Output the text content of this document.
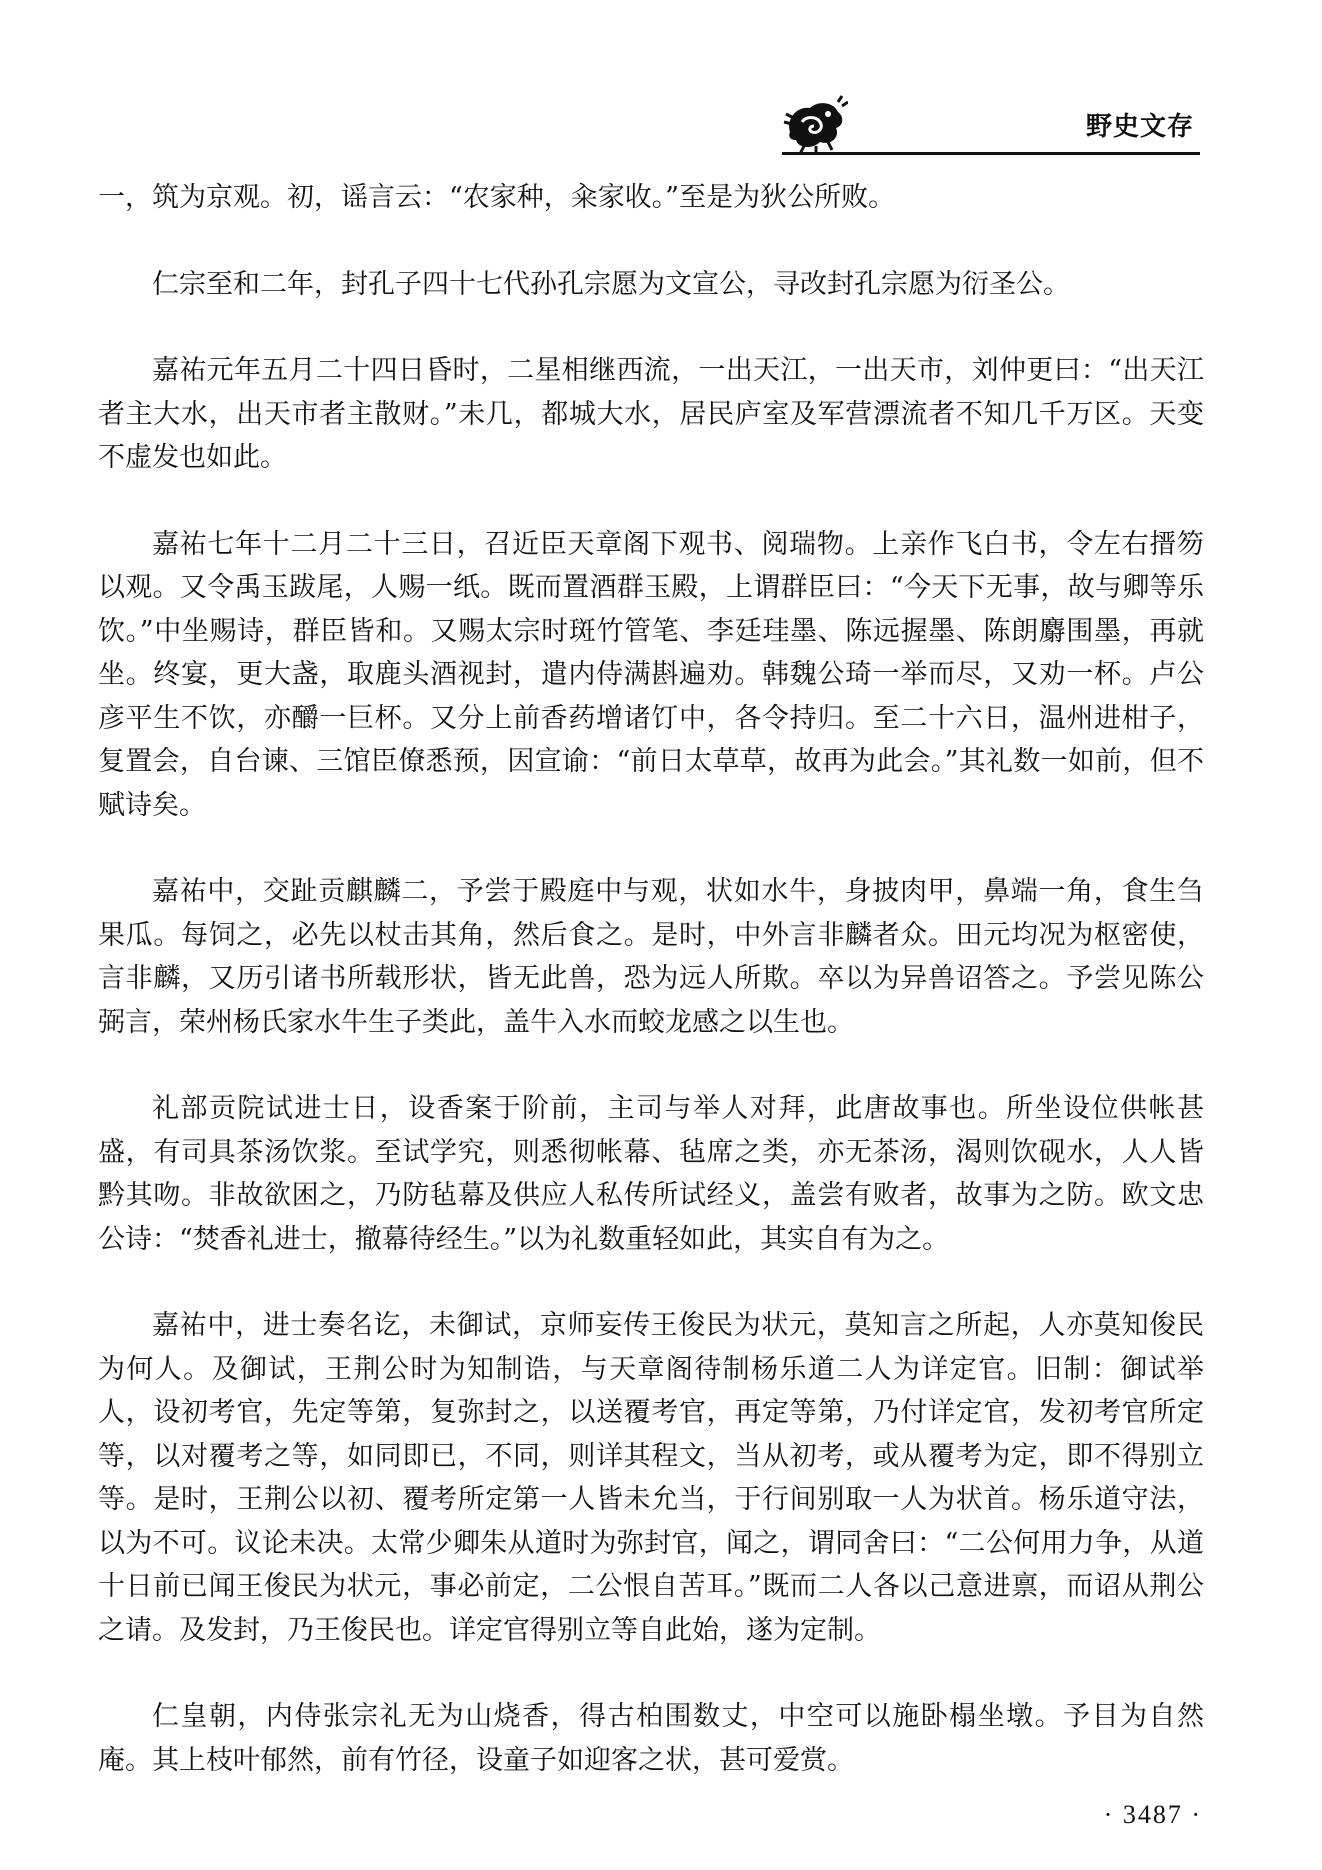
野史文存

一，筑为京观。初，谣言云：“农家种，籴家收。”至是为狄公所败。

仁宗至和二年，封孔子四十七代孙孔宗愿为文宣公，寻改封孔宗愿为衍圣公。

嘉祐元年五月二十四日昏时，二星相继西流，一出天江，一出天市，刘仲更曰：“出天江者主大水，出天市者主散财。”未几，都城大水，居民庐室及军营漂流者不知几千万区。天变不虚发也如此。

嘉祐七年十二月二十三日，召近臣天章阁下观书、阅瑞物。上亲作飞白书，令左右搢笏以观。又令禹玉跋尾，人赐一纸。既而置酒群玉殿，上谓群臣曰：“今天下无事，故与卿等乐饮。”中坐赐诗，群臣皆和。又赐太宗时斑竹管笔、李廷珪墨、陈远握墨、陈朗麝围墨，再就坐。终宴，更大盏，取鹿头酒视封，遣内侍满斟遍劝。韩魏公琦一举而尽，又劝一杯。卢公彦平生不饮，亦釂一巨杯。又分上前香药增诸饤中，各令持归。至二十六日，温州进柑子，复置会，自台谏、三馆臣僚悉预，因宣谕：“前日太草草，故再为此会。”其礼数一如前，但不赋诗矣。

嘉祐中，交趾贡麒麟二，予尝于殿庭中与观，状如水牛，身披肉甲，鼻端一角，食生刍果瓜。每饲之，必先以杖击其角，然后食之。是时，中外言非麟者众。田元均况为枢密使，言非麟，又历引诸书所载形状，皆无此兽，恐为远人所欺。卒以为异兽诏答之。予尝见陈公弼言，荣州杨氏家水牛生子类此，盖牛入水而蛟龙感之以生也。

礼部贡院试进士日，设香案于阶前，主司与举人对拜，此唐故事也。所坐设位供帐甚盛，有司具茶汤饮浆。至试学究，则悉彻帐幕、毡席之类，亦无茶汤，渴则饮砚水，人人皆黔其吻。非故欲困之，乃防毡幕及供应人私传所试经义，盖尝有败者，故事为之防。欧文忠公诗：“焚香礼进士，撤幕待经生。”以为礼数重轻如此，其实自有为之。

嘉祐中，进士奏名讫，未御试，京师妄传王俊民为状元，莫知言之所起，人亦莫知俊民为何人。及御试，王荆公时为知制诰，与天章阁待制杨乐道二人为详定官。旧制：御试举人，设初考官，先定等第，复弥封之，以送覆考官，再定等第，乃付详定官，发初考官所定等，以对覆考之等，如同即已，不同，则详其程文，当从初考，或从覆考为定，即不得别立等。是时，王荆公以初、覆考所定第一人皆未允当，于行间别取一人为状首。杨乐道守法，以为不可。议论未决。太常少卿朱从道时为弥封官，闻之，谓同舍曰：“二公何用力争，从道十日前已闻王俊民为状元，事必前定，二公恨自苦耳。”既而二人各以己意进禀，而诏从荆公之请。及发封，乃王俊民也。详定官得别立等自此始，遂为定制。

仁皇朝，内侍张宗礼无为山烧香，得古柏围数丈，中空可以施卧榻坐墩。予目为自然庵。其上枝叶郁然，前有竹径，设童子如迎客之状，甚可爱赏。

· 3487 ·
